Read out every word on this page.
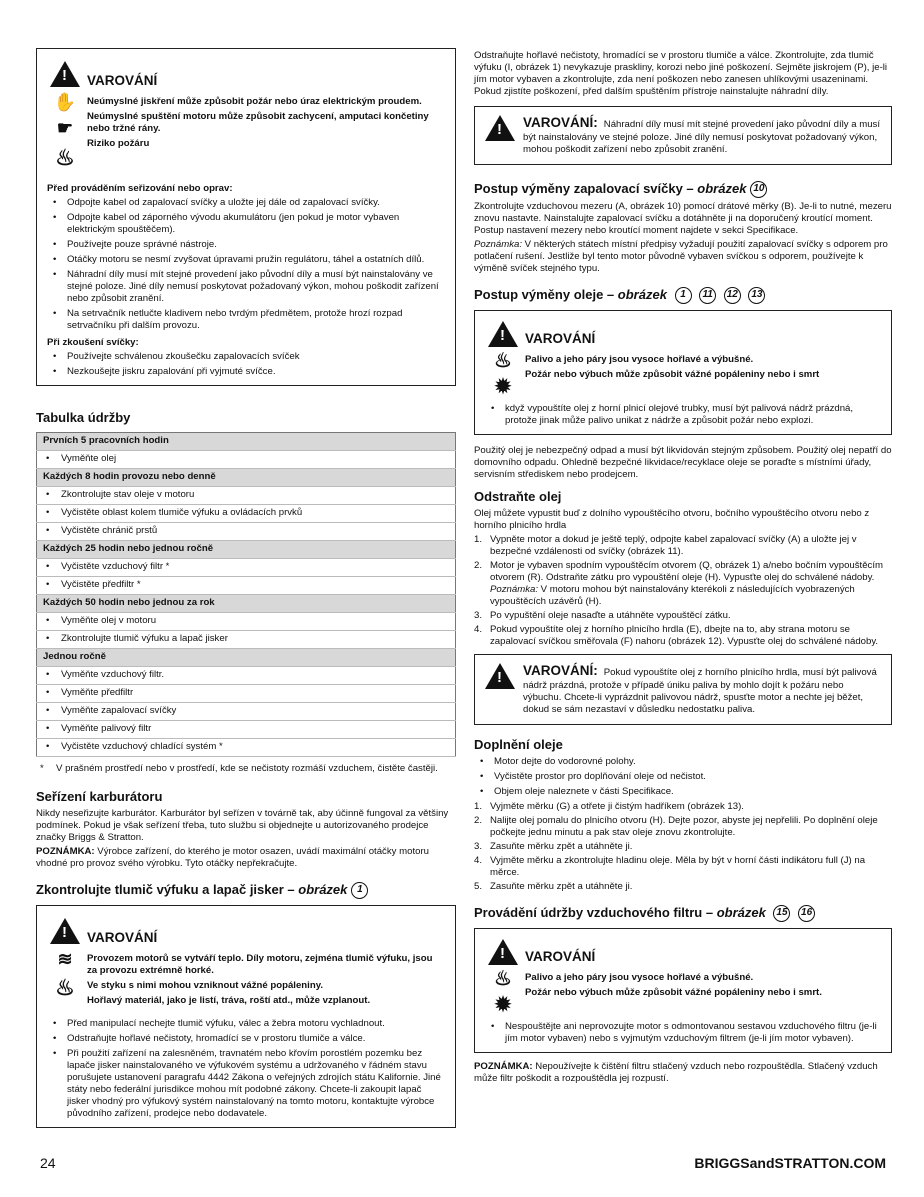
!
✋
☛
♨
VAROVÁNÍ

Neúmyslné jiskření může způsobit požár nebo úraz elektrickým proudem.

Neúmyslné spuštění motoru může způsobit zachycení, amputaci končetiny nebo tržné rány.

Riziko požáru

Před prováděním seřizování nebo oprav:
• Odpojte kabel od zapalovací svíčky a uložte jej dále od zapalovací svíčky.
• Odpojte kabel od záporného vývodu akumulátoru (jen pokud je motor vybaven elektrickým spouštěčem).
• Používejte pouze správné nástroje.
• Otáčky motoru se nesmí zvyšovat úpravami pružin regulátoru, táhel a ostatních dílů.
• Náhradní díly musí mít stejné provedení jako původní díly a musí být nainstalovány ve stejné poloze. Jiné díly nemusí poskytovat požadovaný výkon, mohou poškodit zařízení nebo způsobit zranění.
• Na setrvačník netlučte kladivem nebo tvrdým předmětem, protože hrozí rozpad setrvačníku při dalším provozu.
Při zkoušení svíčky:
• Používejte schválenou zkoušečku zapalovacích svíček
• Nezkoušejte jiskru zapalování při vyjmuté svíčce.
Tabulka údržby
Prvních 5 pracovních hodin
• Vyměňte olej
Každých 8 hodin provozu nebo denně
• Zkontrolujte stav oleje v motoru
• Vyčistěte oblast kolem tlumiče výfuku a ovládacích prvků
• Vyčistěte chránič prstů
Každých 25 hodin nebo jednou ročně
• Vyčistěte vzduchový filtr *
• Vyčistěte předfiltr *
Každých 50 hodin nebo jednou za rok
• Vyměňte olej v motoru
• Zkontrolujte tlumič výfuku a lapač jisker
Jednou ročně
• Vyměňte vzduchový filtr.
• Vyměňte předfiltr
• Vyměňte zapalovací svíčky
• Vyměňte palivový filtr
• Vyčistěte vzduchový chladící systém *
* V prašném prostředí nebo v prostředí, kde se nečistoty rozmáší vzduchem, čistěte častěji.
Seřízení karburátoru

Nikdy neseřizujte karburátor. Karburátor byl seřízen v továrně tak, aby účinně fungoval za většiny podmínek. Pokud je však seřízení třeba, tuto službu si objednejte u autorizovaného prodejce značky Briggs & Stratton.

POZNÁMKA: Výrobce zařízení, do kterého je motor osazen, uvádí maximální otáčky motoru vhodné pro provoz svého výrobku. Tyto otáčky nepřekračujte.

Zkontrolujte tlumič výfuku a lapač jisker – obrázek 1
!
≋
♨
VAROVÁNÍ

Provozem motorů se vytváří teplo. Díly motoru, zejména tlumič výfuku, jsou za provozu extrémně horké.

Ve styku s nimi mohou vzniknout vážné popáleniny.

Hořlavý materiál, jako je listí, tráva, roští atd., může vzplanout.

• Před manipulací nechejte tlumič výfuku, válec a žebra motoru vychladnout.
• Odstraňujte hořlavé nečistoty, hromadící se v prostoru tlumiče a válce.
• Při použití zařízení na zalesněném, travnatém nebo křovím porostlém pozemku bez lapače jisker nainstalovaného ve výfukovém systému a udržovaného v řádném stavu porušujete ustanovení paragrafu 4442 Zákona o veřejných zdrojích státu Kalifornie. Jiné státy nebo federální jurisdikce mohou mít podobné zákony. Chcete-li zakoupit lapač jisker vhodný pro výfukový systém nainstalovaný na tomto motoru, kontaktujte výrobce původního zařízení, prodejce nebo dodavatele.

Odstraňujte hořlavé nečistoty, hromadící se v prostoru tlumiče a válce. Zkontrolujte, zda tlumič výfuku (I, obrázek 1) nevykazuje praskliny, korozi nebo jiné poškození. Sejměte jiskrojem (P), je-li jím motor vybaven a zkontrolujte, zda není poškozen nebo zanesen uhlíkovými usazeninami. Pokud zjistíte poškození, před dalším spuštěním přístroje nainstalujte náhradní díly.

!
VAROVÁNÍ: Náhradní díly musí mít stejné provedení jako původní díly a musí být nainstalovány ve stejné poloze. Jiné díly nemusí poskytovat požadovaný výkon, mohou poškodit zařízení nebo způsobit zranění.
Postup výměny zapalovací svíčky – obrázek 10

Zkontrolujte vzduchovou mezeru (A, obrázek 10) pomocí drátové měrky (B). Je-li to nutné, mezeru znovu nastavte. Nainstalujte zapalovací svíčku a dotáhněte ji na doporučený kroutící moment. Postup nastavení mezery nebo kroutící moment najdete v sekci Specifikace.

Poznámka: V některých státech místní předpisy vyžadují použití zapalovací svíčky s odporem pro potlačení rušení. Jestliže byl tento motor původně vybaven svíčkou s odporem, používejte k výměně svíček stejného typu.

Postup výměny oleje – obrázek 1 11 12 13
!
♨
✹
VAROVÁNÍ

Palivo a jeho páry jsou vysoce hořlavé a výbušné.

Požár nebo výbuch může způsobit vážné popáleniny nebo i smrt

• když vypouštíte olej z horní plnicí olejové trubky, musí být palivová nádrž prázdná, protože jinak může palivo unikat z nádrže a způsobit požár nebo explozi.

Použitý olej je nebezpečný odpad a musí být likvidován stejným způsobem. Použitý olej nepatří do domovního odpadu. Ohledně bezpečné likvidace/recyklace oleje se poraďte s místními úřady, servisním střediskem nebo prodejcem.

Odstraňte olej

Olej můžete vypustit buď z dolního vypouštěcího otvoru, bočního vypouštěcího otvoru nebo z horního plnicího hrdla

1. Vypněte motor a dokud je ještě teplý, odpojte kabel zapalovací svíčky (A) a uložte jej v bezpečné vzdálenosti od svíčky (obrázek 11).
2. Motor je vybaven spodním vypouštěcím otvorem (Q, obrázek 1) a/nebo bočním vypouštěcím otvorem (R). Odstraňte zátku pro vypouštění oleje (H). Vypusťte olej do schválené nádoby.
Poznámka: V motoru mohou být nainstalovány kterékoli z následujících vyobrazených vypouštěcích uzávěrů (H).
3. Po vypuštění oleje nasaďte a utáhněte vypouštěcí zátku.
4. Pokud vypouštíte olej z horního plnicího hrdla (E), dbejte na to, aby strana motoru se zapalovací svíčkou směřovala (F) nahoru (obrázek 12). Vypusťte olej do schválené nádoby.
!
VAROVÁNÍ: Pokud vypouštíte olej z horního plnicího hrdla, musí být palivová nádrž prázdná, protože v případě úniku paliva by mohlo dojít k požáru nebo výbuchu. Chcete-li vyprázdnit palivovou nádrž, spusťte motor a nechte jej běžet, dokud se sám nezastaví v důsledku nedostatku paliva.
Doplnění oleje
• Motor dejte do vodorovné polohy.
• Vyčistěte prostor pro doplňování oleje od nečistot.
• Objem oleje naleznete v části Specifikace.
1. Vyjměte měrku (G) a otřete ji čistým hadříkem (obrázek 13).
2. Nalijte olej pomalu do plnicího otvoru (H). Dejte pozor, abyste jej nepřelili. Po doplnění oleje počkejte jednu minutu a pak stav oleje znovu zkontrolujte.
3. Zasuňte měrku zpět a utáhněte ji.
4. Vyjměte měrku a zkontrolujte hladinu oleje. Měla by být v horní části indikátoru full (J) na měrce.
5. Zasuňte měrku zpět a utáhněte ji.
Provádění údržby vzduchového filtru – obrázek 15 16
!
♨
✹
VAROVÁNÍ

Palivo a jeho páry jsou vysoce hořlavé a výbušné.

Požár nebo výbuch může způsobit vážné popáleniny nebo i smrt.

• Nespouštějte ani neprovozujte motor s odmontovanou sestavou vzduchového filtru (je-li jím motor vybaven) nebo s vyjmutým vzduchovým filtrem (je-li jím motor vybaven).

POZNÁMKA: Nepoužívejte k čištění filtru stlačený vzduch nebo rozpouštědla. Stlačený vzduch může filtr poškodit a rozpouštědla jej rozpustí.

24	BRIGGSandSTRATTON.COM
